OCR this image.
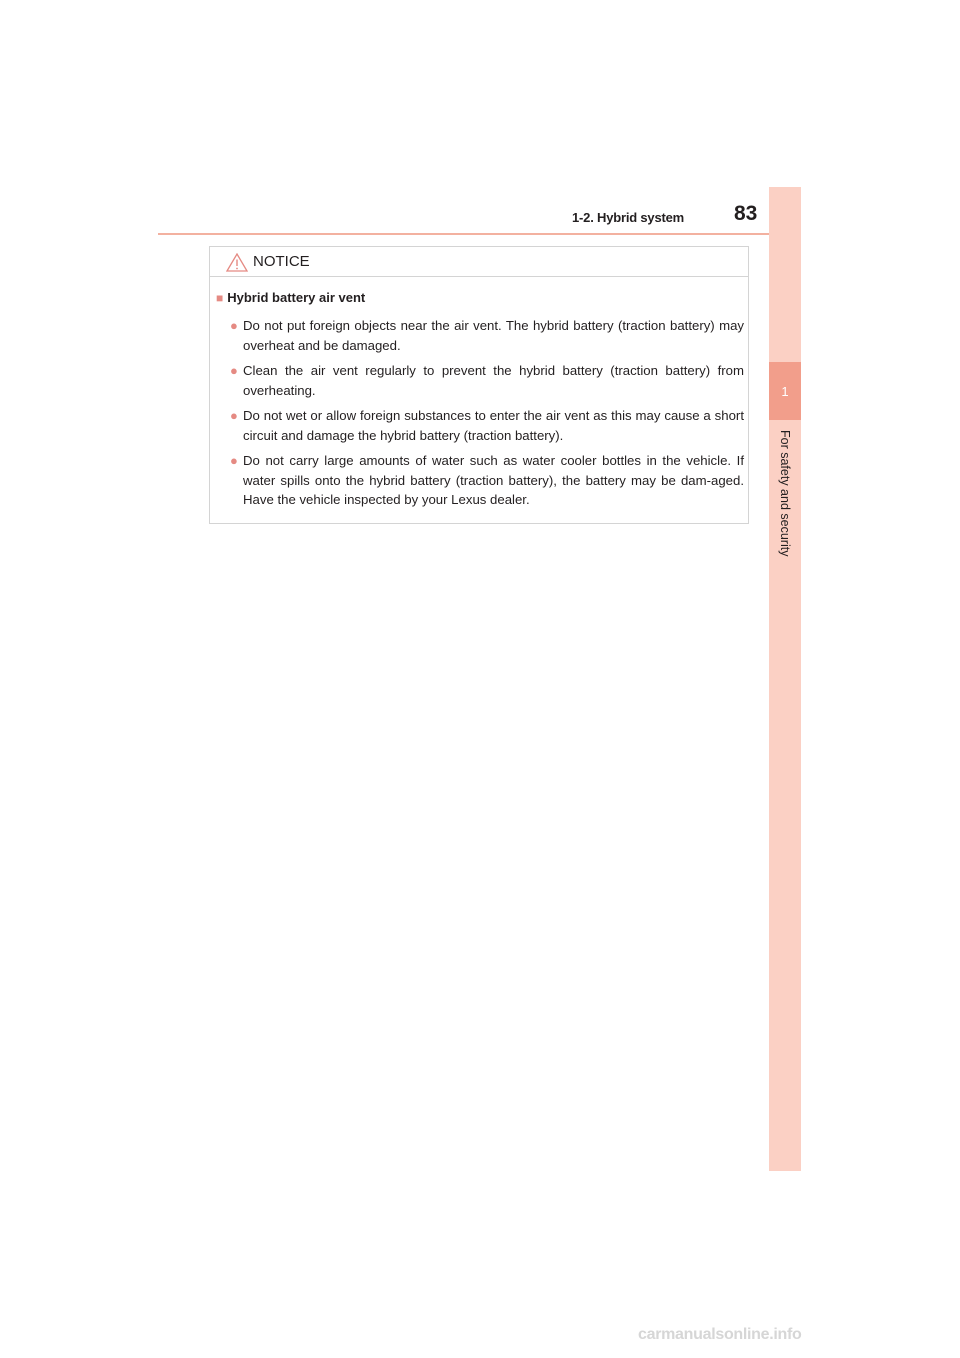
1-2. Hybrid system 83
1
For safety and security
NOTICE
■ Hybrid battery air vent
● Do not put foreign objects near the air vent. The hybrid battery (traction battery) may overheat and be damaged.
● Clean the air vent regularly to prevent the hybrid battery (traction battery) from overheating.
● Do not wet or allow foreign substances to enter the air vent as this may cause a short circuit and damage the hybrid battery (traction battery).
● Do not carry large amounts of water such as water cooler bottles in the vehicle. If water spills onto the hybrid battery (traction battery), the battery may be dam-aged. Have the vehicle inspected by your Lexus dealer.
carmanualsonline.info
